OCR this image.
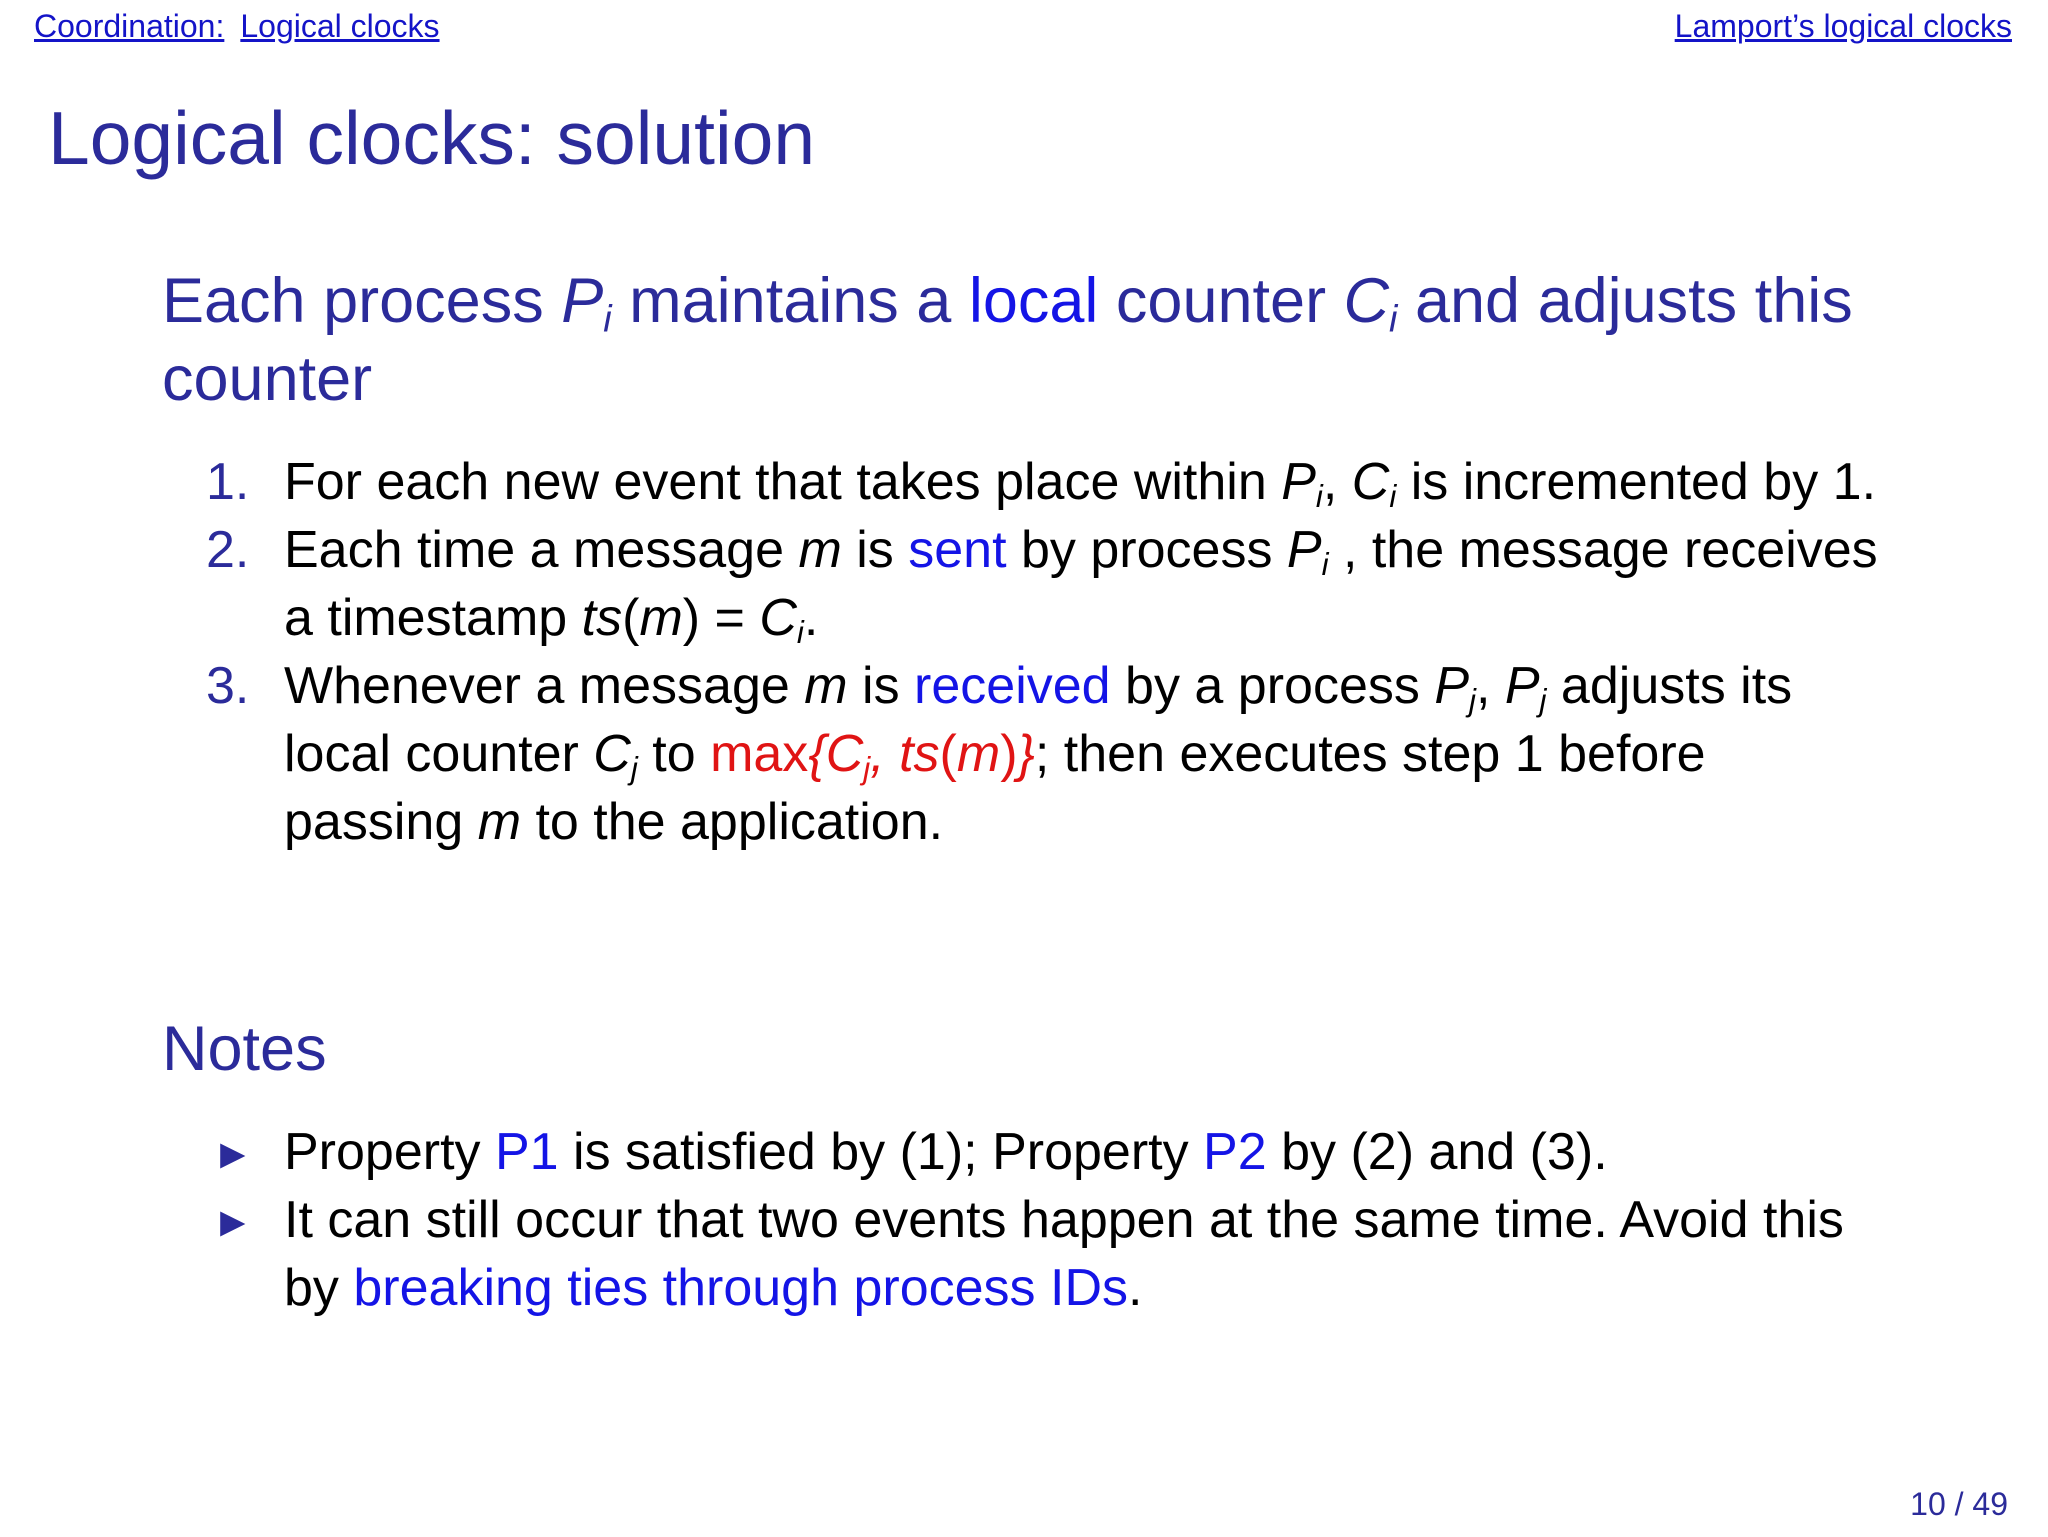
Coordination: Logical clocks	Lamport’s logical clocks
Logical clocks: solution
Each process $P_i$ maintains a local counter $C_i$ and adjusts this counter
1. For each new event that takes place within $P_i$, $C_i$ is incremented by 1.
2. Each time a message m is sent by process $P_i$ , the message receives a timestamp $ts(m) = C_i$.
3. Whenever a message m is received by a process $P_j$, $P_j$ adjusts its local counter $C_j$ to $\max\{C_j$, ts(m)}; then executes step 1 before passing m to the application.
Notes
► Property P1 is satisfied by (1); Property P2 by (2) and (3).
► It can still occur that two events happen at the same time. Avoid this by breaking ties through process IDs.
10 / 49
